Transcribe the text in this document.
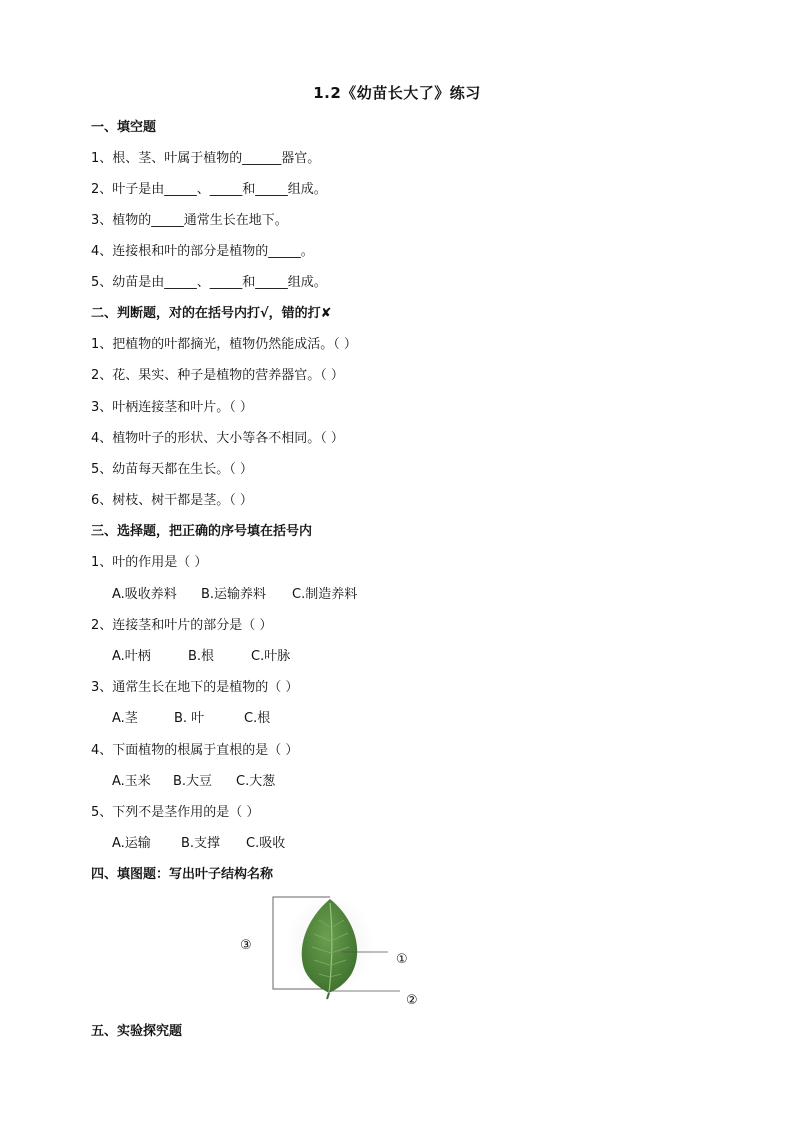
1.2《幼苗长大了》练习
一、填空题
1、根、茎、叶属于植物的______器官。
2、叶子是由_____、_____和_____组成。
3、植物的_____通常生长在地下。
4、连接根和叶的部分是植物的_____。
5、幼苗是由_____、_____和_____组成。
二、判断题，对的在括号内打√，错的打✘
1、把植物的叶都摘光，植物仍然能成活。（ ）
2、花、果实、种子是植物的营养器官。（ ）
3、叶柄连接茎和叶片。（ ）
4、植物叶子的形状、大小等各不相同。（ ）
5、幼苗每天都在生长。（ ）
6、树枝、树干都是茎。（ ）
三、选择题，把正确的序号填在括号内
1、叶的作用是（ ）
A.吸收养料 B.运输养料 C.制造养料
2、连接茎和叶片的部分是（ ）
A.叶柄	B.根	C.叶脉
3、通常生长在地下的是植物的（ ）
A.茎	B. 叶	C.根
4、下面植物的根属于直根的是（ ）
A.玉米 B.大豆 C.大葱
5、下列不是茎作用的是（ ）
A.运输 B.支撑 C.吸收
四、填图题：写出叶子结构名称
①
②
③
五、实验探究题
